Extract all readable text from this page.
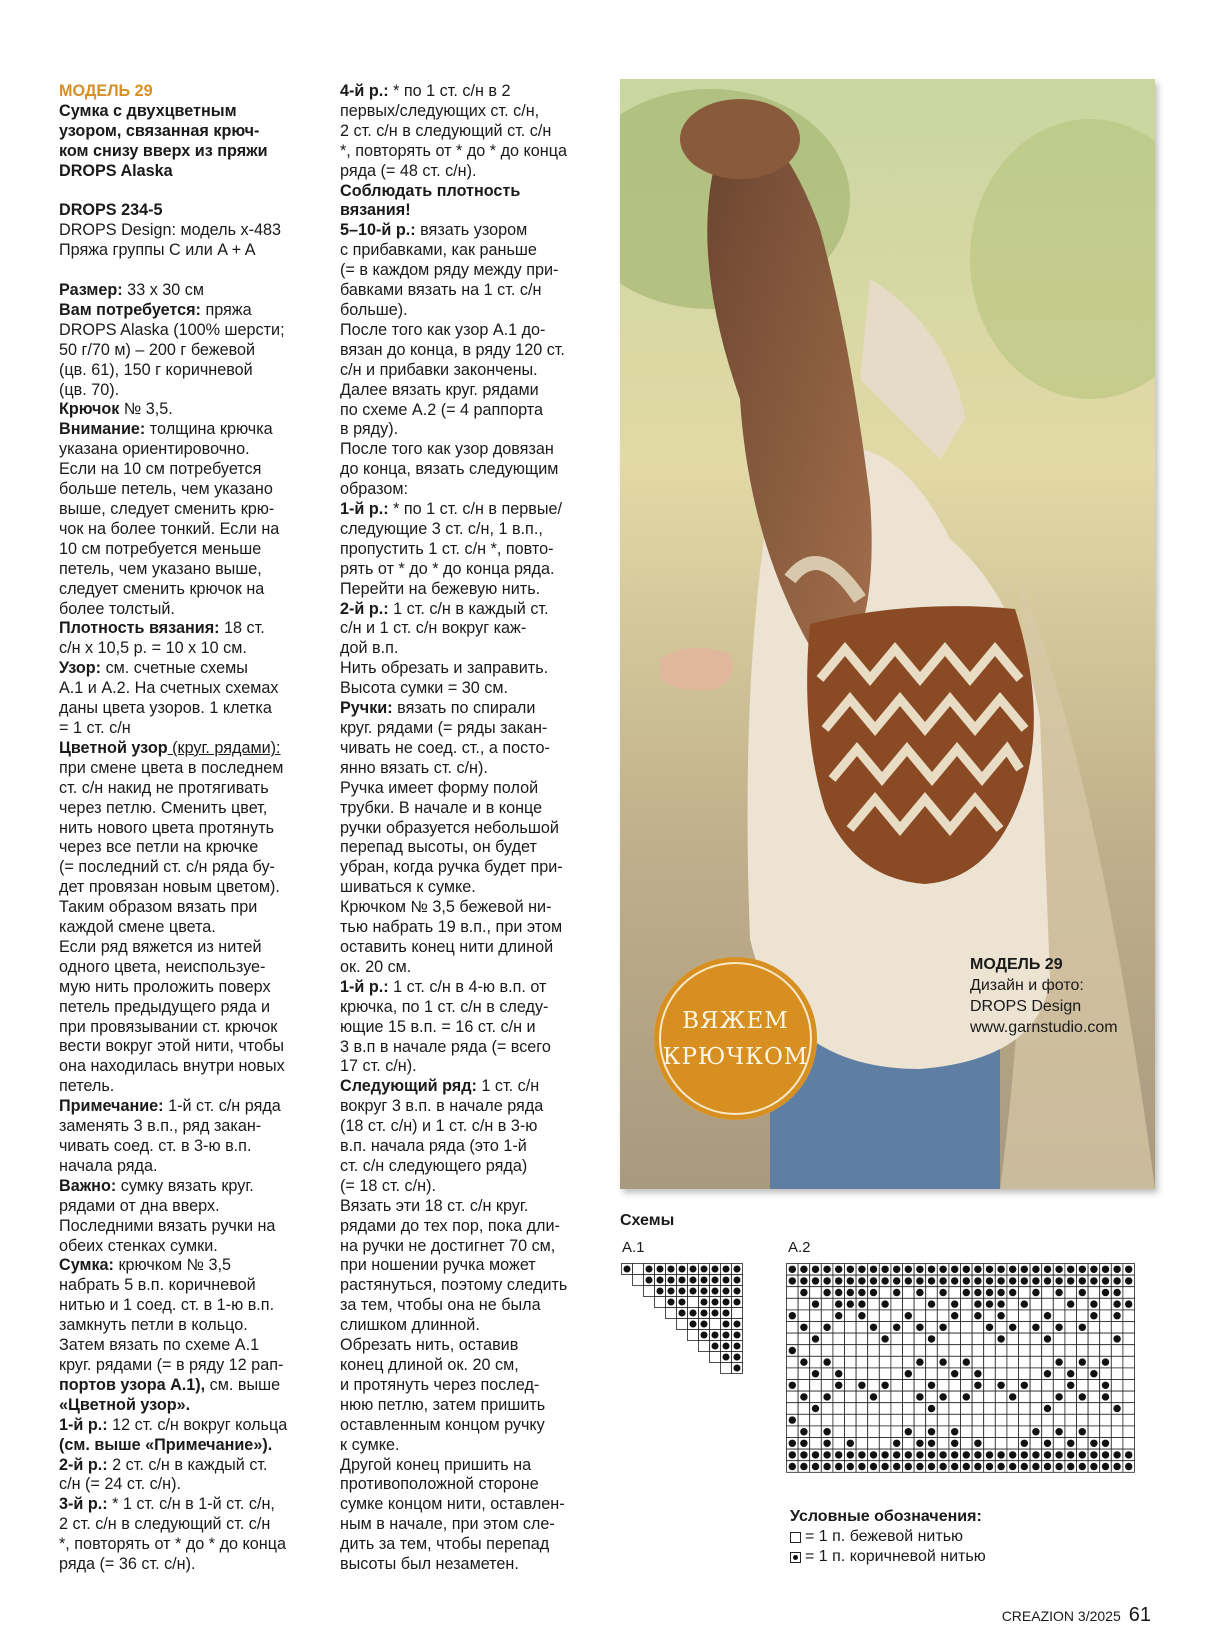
МОДЕЛЬ 29

Сумка с двухцветным

узором, связанная крюч-

ком снизу вверх из пряжи

DROPS Alaska

DROPS 234-5

DROPS Design: модель x-483

Пряжа группы C или A + A

Размер: 33 x 30 см

Вам потребуется: пряжа

DROPS Alaska (100% шерсти;

50 г/70 м) – 200 г бежевой

(цв. 61), 150 г коричневой

(цв. 70).

Крючок № 3,5.

Внимание: толщина крючка

указана ориентировочно.

Если на 10 см потребуется

больше петель, чем указано

выше, следует сменить крю-

чок на более тонкий. Если на

10 см потребуется меньше

петель, чем указано выше,

следует сменить крючок на

более толстый.

Плотность вязания: 18 ст.

с/н x 10,5 р. = 10 x 10 см.

Узор: см. счетные схемы

A.1 и A.2. На счетных схемах

даны цвета узоров. 1 клетка

= 1 ст. с/н

Цветной узор (круг. рядами):

при смене цвета в последнем

ст. с/н накид не протягивать

через петлю. Сменить цвет,

нить нового цвета протянуть

через все петли на крючке

(= последний ст. с/н ряда бу-

дет провязан новым цветом).

Таким образом вязать при

каждой смене цвета.

Если ряд вяжется из нитей

одного цвета, неиспользуе-

мую нить проложить поверх

петель предыдущего ряда и

при провязывании ст. крючок

вести вокруг этой нити, чтобы

она находилась внутри новых

петель.

Примечание: 1-й ст. с/н ряда

заменять 3 в.п., ряд закан-

чивать соед. ст. в 3-ю в.п.

начала ряда.

Важно: сумку вязать круг.

рядами от дна вверх.

Последними вязать ручки на

обеих стенках сумки.

Сумка: крючком № 3,5

набрать 5 в.п. коричневой

нитью и 1 соед. ст. в 1-ю в.п.

замкнуть петли в кольцо.

Затем вязать по схеме A.1

круг. рядами (= в ряду 12 рап-

портов узора A.1), см. выше

«Цветной узор».

1-й р.: 12 ст. с/н вокруг кольца

(см. выше «Примечание»).

2-й р.: 2 ст. с/н в каждый ст.

с/н (= 24 ст. с/н).

3-й р.: * 1 ст. с/н в 1-й ст. с/н,

2 ст. с/н в следующий ст. с/н

*, повторять от * до * до конца

ряда (= 36 ст. с/н).

4-й р.: * по 1 ст. с/н в 2

первых/следующих ст. с/н,

2 ст. с/н в следующий ст. с/н

*, повторять от * до * до конца

ряда (= 48 ст. с/н).

Соблюдать плотность

вязания!

5–10-й р.: вязать узором

с прибавками, как раньше

(= в каждом ряду между при-

бавками вязать на 1 ст. с/н

больше).

После того как узор A.1 до-

вязан до конца, в ряду 120 ст.

с/н и прибавки закончены.

Далее вязать круг. рядами

по схеме A.2 (= 4 раппорта

в ряду).

После того как узор довязан

до конца, вязать следующим

образом:

1-й р.: * по 1 ст. с/н в первые/

следующие 3 ст. с/н, 1 в.п.,

пропустить 1 ст. с/н *, повто-

рять от * до * до конца ряда.

Перейти на бежевую нить.

2-й р.: 1 ст. с/н в каждый ст.

с/н и 1 ст. с/н вокруг каж-

дой в.п.

Нить обрезать и заправить.

Высота сумки = 30 см.

Ручки: вязать по спирали

круг. рядами (= ряды закан-

чивать не соед. ст., а посто-

янно вязать ст. с/н).

Ручка имеет форму полой

трубки. В начале и в конце

ручки образуется небольшой

перепад высоты, он будет

убран, когда ручка будет при-

шиваться к сумке.

Крючком № 3,5 бежевой ни-

тью набрать 19 в.п., при этом

оставить конец нити длиной

ок. 20 см.

1-й р.: 1 ст. с/н в 4-ю в.п. от

крючка, по 1 ст. с/н в следу-

ющие 15 в.п. = 16 ст. с/н и

3 в.п в начале ряда (= всего

17 ст. с/н).

Следующий ряд: 1 ст. с/н

вокруг 3 в.п. в начале ряда

(18 ст. с/н) и 1 ст. с/н в 3-ю

в.п. начала ряда (это 1-й

ст. с/н следующего ряда)

(= 18 ст. с/н).

Вязать эти 18 ст. с/н круг.

рядами до тех пор, пока дли-

на ручки не достигнет 70 см,

при ношении ручка может

растянуться, поэтому следить

за тем, чтобы она не была

слишком длинной.

Обрезать нить, оставив

конец длиной ок. 20 см,

и протянуть через послед-

нюю петлю, затем пришить

оставленным концом ручку

к сумке.

Другой конец пришить на

противоположной стороне

сумке концом нити, оставлен-

ным в начале, при этом сле-

дить за тем, чтобы перепад

высоты был незаметен.

ВЯЖЕМ
КРЮЧКОМ
МОДЕЛЬ 29
Дизайн и фото:
DROPS Design
www.garnstudio.com
Схемы
A.1	A.2
Условные обозначения:
= 1 п. бежевой нитью
= 1 п. коричневой нитью
CREAZION 3/2025 61
